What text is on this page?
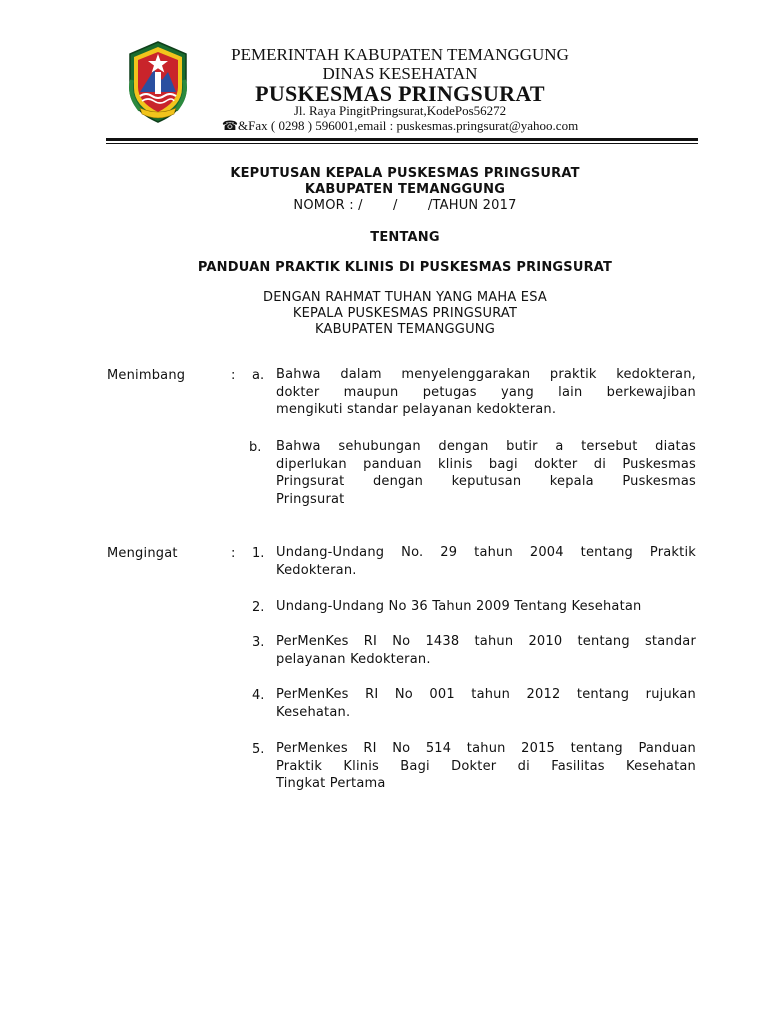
PEMERINTAH KABUPATEN TEMANGGUNG
DINAS KESEHATAN
PUSKESMAS PRINGSURAT
Jl. Raya PingitPringsurat,KodePos56272
☎&Fax ( 0298 ) 596001,email : puskesmas.pringsurat@yahoo.com
KEPUTUSAN KEPALA PUSKESMAS PRINGSURAT
KABUPATEN TEMANGGUNG
NOMOR : /       /       /TAHUN 2017
TENTANG
PANDUAN PRAKTIK KLINIS DI PUSKESMAS PRINGSURAT
DENGAN RAHMAT TUHAN YANG MAHA ESA
KEPALA PUSKESMAS PRINGSURAT
KABUPATEN TEMANGGUNG
Menimbang	: a. Bahwa dalam menyelenggarakan praktik kedokteran,
dokter maupun petugas yang lain berkewajiban
mengikuti standar pelayanan kedokteran.
b. Bahwa sehubungan dengan butir a tersebut diatas
diperlukan panduan klinis bagi dokter di Puskesmas
Pringsurat dengan keputusan kepala Puskesmas
Pringsurat
Mengingat	: 1. Undang-Undang No. 29 tahun 2004 tentang Praktik
Kedokteran.
2. Undang-Undang No 36 Tahun 2009 Tentang Kesehatan
3. PerMenKes RI No 1438 tahun 2010 tentang standar
pelayanan Kedokteran.
4. PerMenKes RI No 001 tahun 2012 tentang rujukan
Kesehatan.
5. PerMenkes RI No 514 tahun 2015 tentang Panduan
Praktik Klinis Bagi Dokter di Fasilitas Kesehatan
Tingkat Pertama
